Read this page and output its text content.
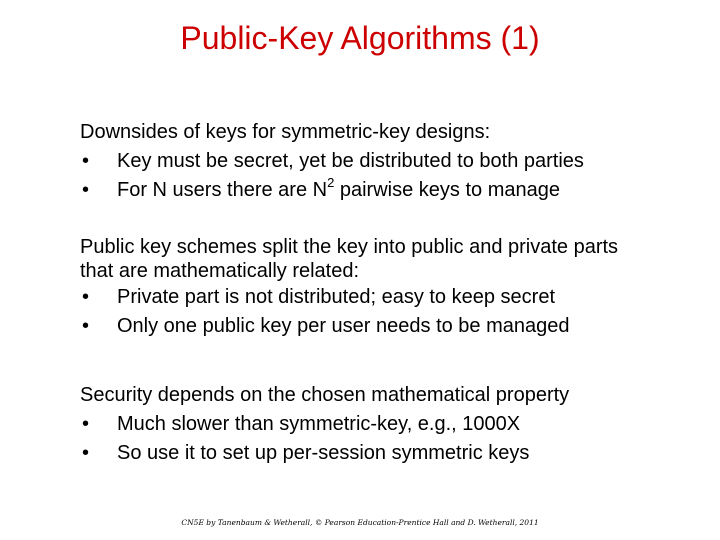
Public-Key Algorithms (1)

Downsides of keys for symmetric-key designs:

•	Key must be secret, yet be distributed to both parties
•	For N users there are $N^2$ pairwise keys to manage

Public key schemes split the key into public and private parts

that are mathematically related:

•	Private part is not distributed; easy to keep secret
•	Only one public key per user needs to be managed

Security depends on the chosen mathematical property

•	Much slower than symmetric-key, e.g., 1000X
•	So use it to set up per-session symmetric keys
CN5E by Tanenbaum & Wetherall, © Pearson Education-Prentice Hall and D. Wetherall, 2011
